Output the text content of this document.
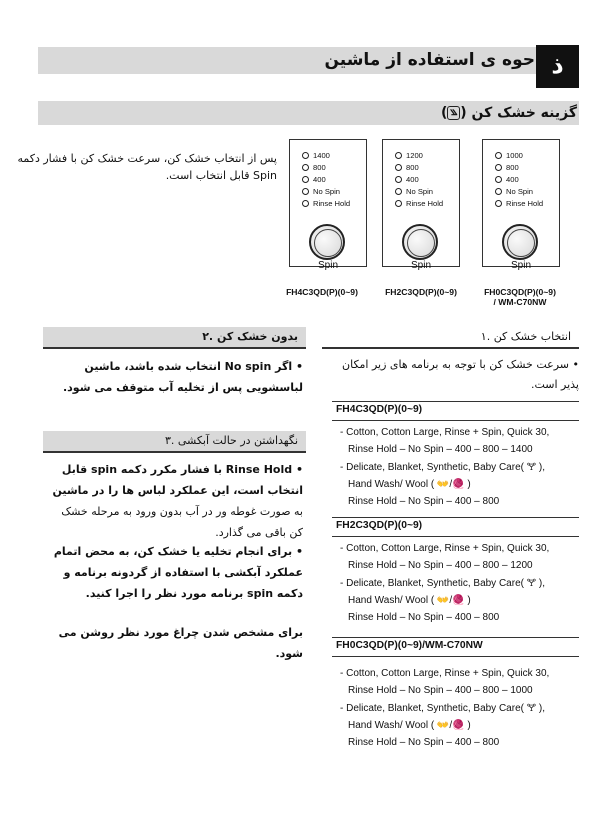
حوه ی استفاده از ماشین ذ
گزینه خشک کن (꧉)
پس از انتخاب خشک کن، سرعت خشک کن با فشار دکمه Spin قابل انتخاب است.
1400
800
400
No Spin
Rinse Hold
Spin
1200
800
400
No Spin
Rinse Hold
Spin
1000
800
400
No Spin
Rinse Hold
Spin
FH4C3QD(P)(0~9)	FH2C3QD(P)(0~9)	FH0C3QD(P)(0~9)
/ WM-C70NW
۲. بدون خشک کن
• اگر No spin انتخاب شده باشد، ماشین لباسشویی پس از تخلیه آب متوقف می شود.
۳. نگهداشتن در حالت آبکشی
• Rinse Hold با فشار مکرر دکمه spin قابل انتخاب است، این عملکرد لباس ها را در ماشین به صورت غوطه ور در آب بدون ورود به مرحله خشک کن باقی می گذارد.
• برای انجام تخلیه یا خشک کن، به محض اتمام عملکرد آبکشی با استفاده از گردونه برنامه و دکمه spin برنامه مورد نظر را اجرا کنید.
برای مشخص شدن چراغ مورد نظر روشن می شود.
۱. انتخاب خشک کن
• سرعت خشک کن با توجه به برنامه های زیر امکان پذیر است.
FH4C3QD(P)(0~9)
- Cotton, Cotton Large, Rinse + Spin, Quick 30,
Rinse Hold – No Spin – 400 – 800 – 1400
- Delicate, Blanket, Synthetic, Baby Care( 🝖 ),
Hand Wash/ Wool ( 👐/🧶 )
Rinse Hold – No Spin – 400 – 800
FH2C3QD(P)(0~9)
- Cotton, Cotton Large, Rinse + Spin, Quick 30,
Rinse Hold – No Spin – 400 – 800 – 1200
- Delicate, Blanket, Synthetic, Baby Care( 🝖 ),
Hand Wash/ Wool ( 👐/🧶 )
Rinse Hold – No Spin – 400 – 800
FH0C3QD(P)(0~9)/WM-C70NW
- Cotton, Cotton Large, Rinse + Spin, Quick 30,
Rinse Hold – No Spin – 400 – 800 – 1000
- Delicate, Blanket, Synthetic, Baby Care( 🝖 ),
Hand Wash/ Wool ( 👐/🧶 )
Rinse Hold – No Spin – 400 – 800
